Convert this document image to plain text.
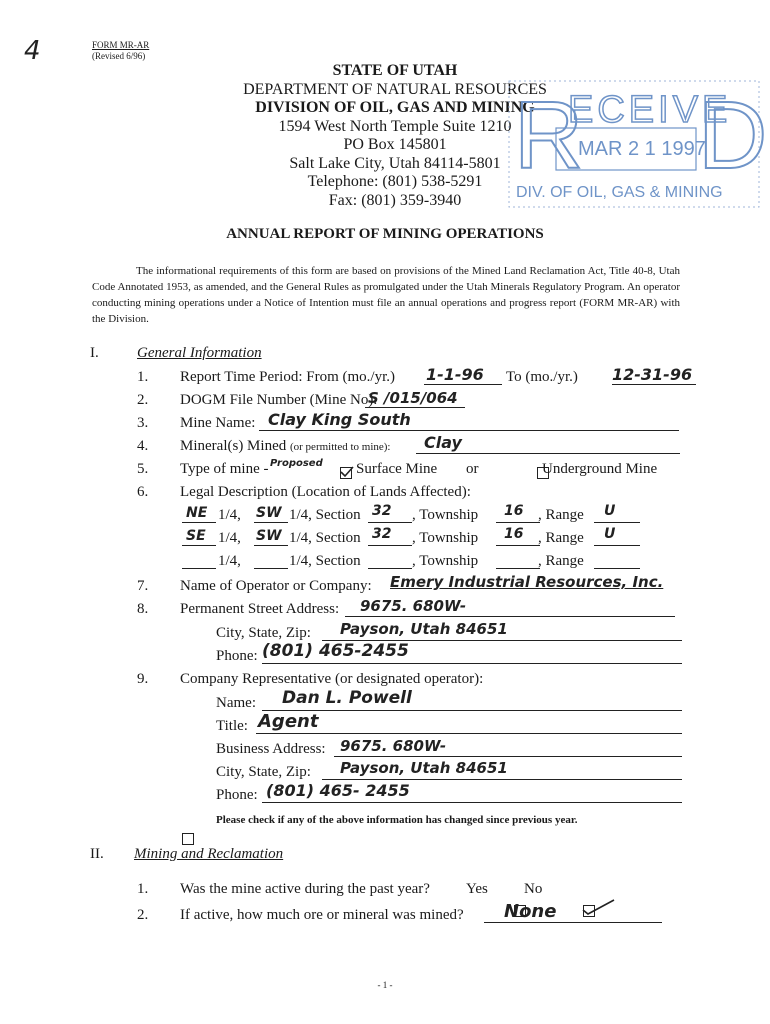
4	FORM MR-AR
(Revised 6/96)
STATE OF UTAH
DEPARTMENT OF NATURAL RESOURCES
DIVISION OF OIL, GAS AND MINING
1594 West North Temple Suite 1210
PO Box 145801
Salt Lake City, Utah 84114-5801
Telephone: (801) 538-5291
Fax: (801) 359-3940
R
ECEIVE
D
MAR 2 1 1997
DIV. OF OIL, GAS & MINING
ANNUAL REPORT OF MINING OPERATIONS
The informational requirements of this form are based on provisions of the Mined Land Reclamation Act, Title 40-8, Utah Code Annotated 1953, as amended, and the General Rules as promulgated under the Utah Minerals Regulatory Program. An operator conducting mining operations under a Notice of Intention must file an annual operations and progress report (FORM MR-AR) with the Division.
I.	General Information
1. Report Time Period: From (mo./yr.) 1-1-96 To (mo./yr.) 12-31-96
2. DOGM File Number (Mine No):
S /015/064
3. Mine Name: Clay King South
4. Mineral(s) Mined (or permitted to mine): Clay
5. Type of mine - Proposed
Surface Mine or	Underground Mine
6. Legal Description (Location of Lands Affected):
NE 1/4, SW 1/4, Section 32 , Township 16 , Range U
SE 1/4, SW 1/4, Section 32 , Township 16 , Range U
1/4,	1/4, Section	, Township	, Range
7. Name of Operator or Company: Emery Industrial Resources, Inc.
8. Permanent Street Address: 9675. 680W-
City, State, Zip: Payson, Utah 84651
Phone: (801) 465-2455
9. Company Representative (or designated operator):
Name: Dan L. Powell
Title: Agent
Business Address: 9675. 680W-
City, State, Zip: Payson, Utah 84651
Phone: (801) 465- 2455

Please check if any of the above information has changed since previous year.
II. Mining and Reclamation
1. Was the mine active during the past year? Yes
No
2. If active, how much ore or mineral was mined? None
- 1 -
